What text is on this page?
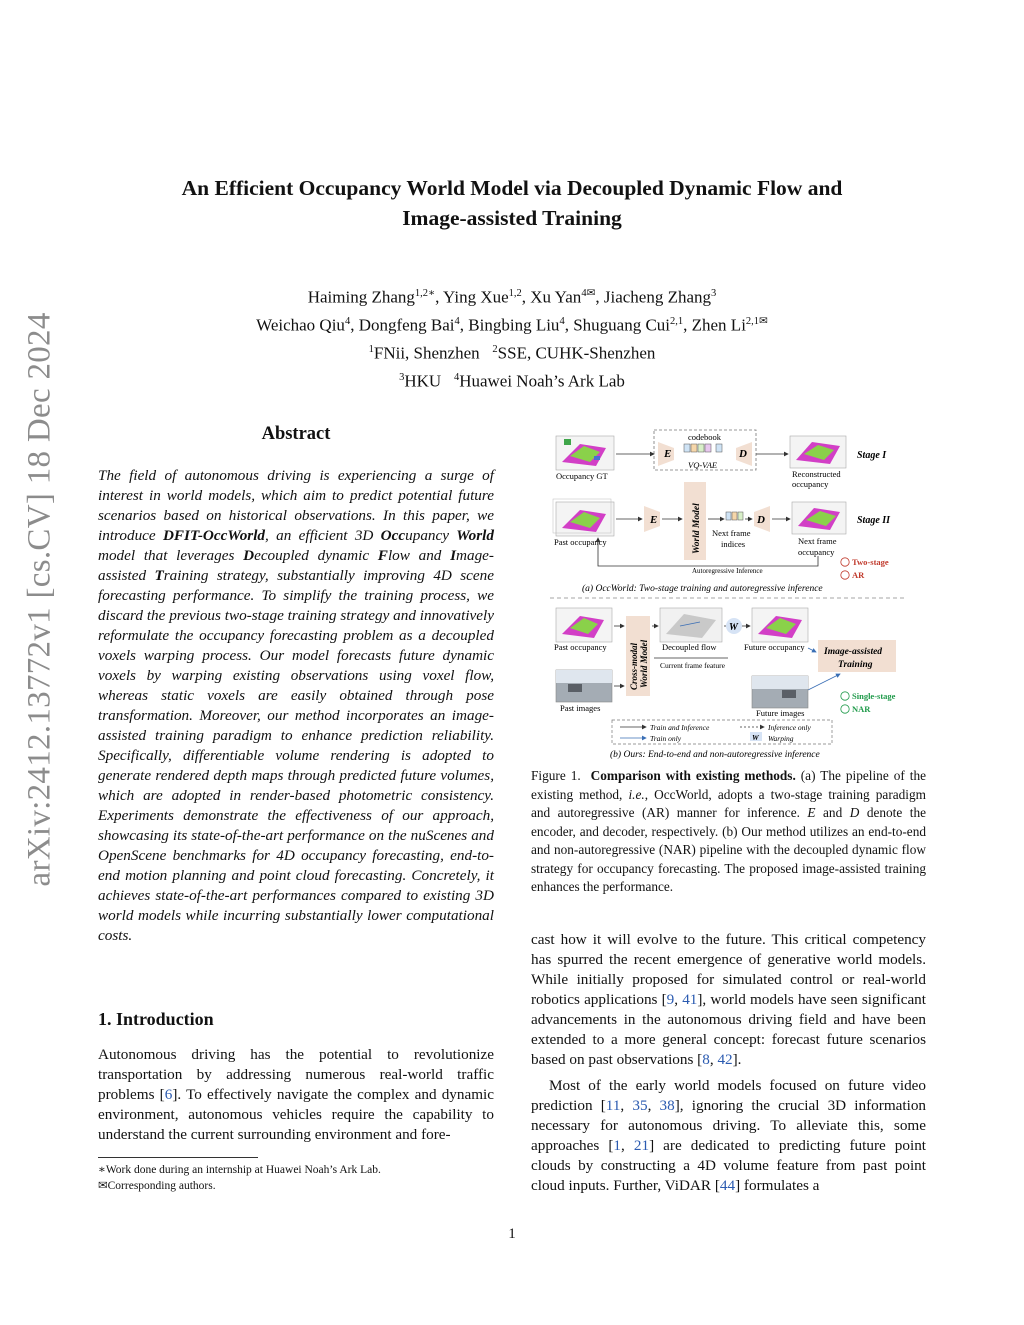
An Efficient Occupancy World Model via Decoupled Dynamic Flow and
Image-assisted Training
Haiming Zhang$^{1,2∗}$, Ying Xue$^{1,2}$, Xu Yan$^{4✉}$, Jiacheng Zhang$^3$
Weichao Qiu$^4$, Dongfeng Bai$^4$, Bingbing Liu$^4$, Shuguang Cui$^{2,1}$, Zhen $Li^{2,1✉}$
$^1$FNii, Shenzhen $^2$SSE, CUHK-Shenzhen
$^3$HKU $^4$Huawei Noah’s Ark Lab
arXiv:2412.13772v1 [cs.CV] 18 Dec 2024	Abstract
The field of autonomous driving is experiencing a surge of interest in world models, which aim to predict potential future scenarios based on historical observations. In this paper, we introduce DFIT-OccWorld, an efficient 3D Occupancy World model that leverages Decoupled dynamic Flow and Image-assisted Training strategy, substantially improving 4D scene forecasting performance. To simplify the training process, we discard the previous two-stage training strategy and innovatively reformulate the occupancy forecasting problem as a decoupled voxels warping process. Our model forecasts future dynamic voxels by warping existing observations using voxel flow, whereas static voxels are easily obtained through pose transformation. Moreover, our method incorporates an image-assisted training paradigm to enhance prediction reliability. Specifically, differentiable volume rendering is adopted to generate rendered depth maps through predicted future volumes, which are adopted in render-based photometric consistency. Experiments demonstrate the effectiveness of our approach, showcasing its state-of-the-art performance on the nuScenes and OpenScene benchmarks for 4D occupancy forecasting, end-to-end motion planning and point cloud forecasting. Concretely, it achieves state-of-the-art performances compared to existing 3D world models while incurring substantially lower computational costs.
1. Introduction
Autonomous driving has the potential to revolutionize transportation by addressing numerous real-world traffic problems [6]. To effectively navigate the complex and dynamic environment, autonomous vehicles require the capability to understand the current surrounding environment and fore-
∗Work done during an internship at Huawei Noah’s Ark Lab.
✉Corresponding authors.
Occupancy GT
codebook
E	D
VQ-VAE
Reconstructed
occupancy
Stage I
Past occupancy
E	World Model Next frame
indices
D
Next frame
occupancy
Stage II
Two-stage
AR
Autoregressive Inference
(a) OccWorld: Two-stage training and autoregressive inference
Past occupancy Cross-modal World Model Decoupled flow
Current frame feature
W
Future occupancy Image-assisted
Training
Past images	Future images
Single-stage
NAR
Train and Inference
Train only
Inference only
W Warping
(b) Ours: End-to-end and non-autoregressive inference
Figure 1. Comparison with existing methods. (a) The pipeline of the existing method, i.e., OccWorld, adopts a two-stage training paradigm and autoregressive (AR) manner for inference. E and D denote the encoder, and decoder, respectively. (b) Our method utilizes an end-to-end and non-autoregressive (NAR) pipeline with the decoupled dynamic flow strategy for occupancy forecasting. The proposed image-assisted training enhances the performance.
cast how it will evolve to the future. This critical competency has spurred the recent emergence of generative world models. While initially proposed for simulated control or real-world robotics applications [9, 41], world models have seen significant advancements in the autonomous driving field and have been extended to a more general concept: forecast future scenarios based on past observations [8, 42].
Most of the early world models focused on future video prediction [11, 35, 38], ignoring the crucial 3D information necessary for autonomous driving. To alleviate this, some approaches [1, 21] are dedicated to predicting future point clouds by constructing a 4D volume feature from past point cloud inputs. Further, ViDAR [44] formulates a
1
